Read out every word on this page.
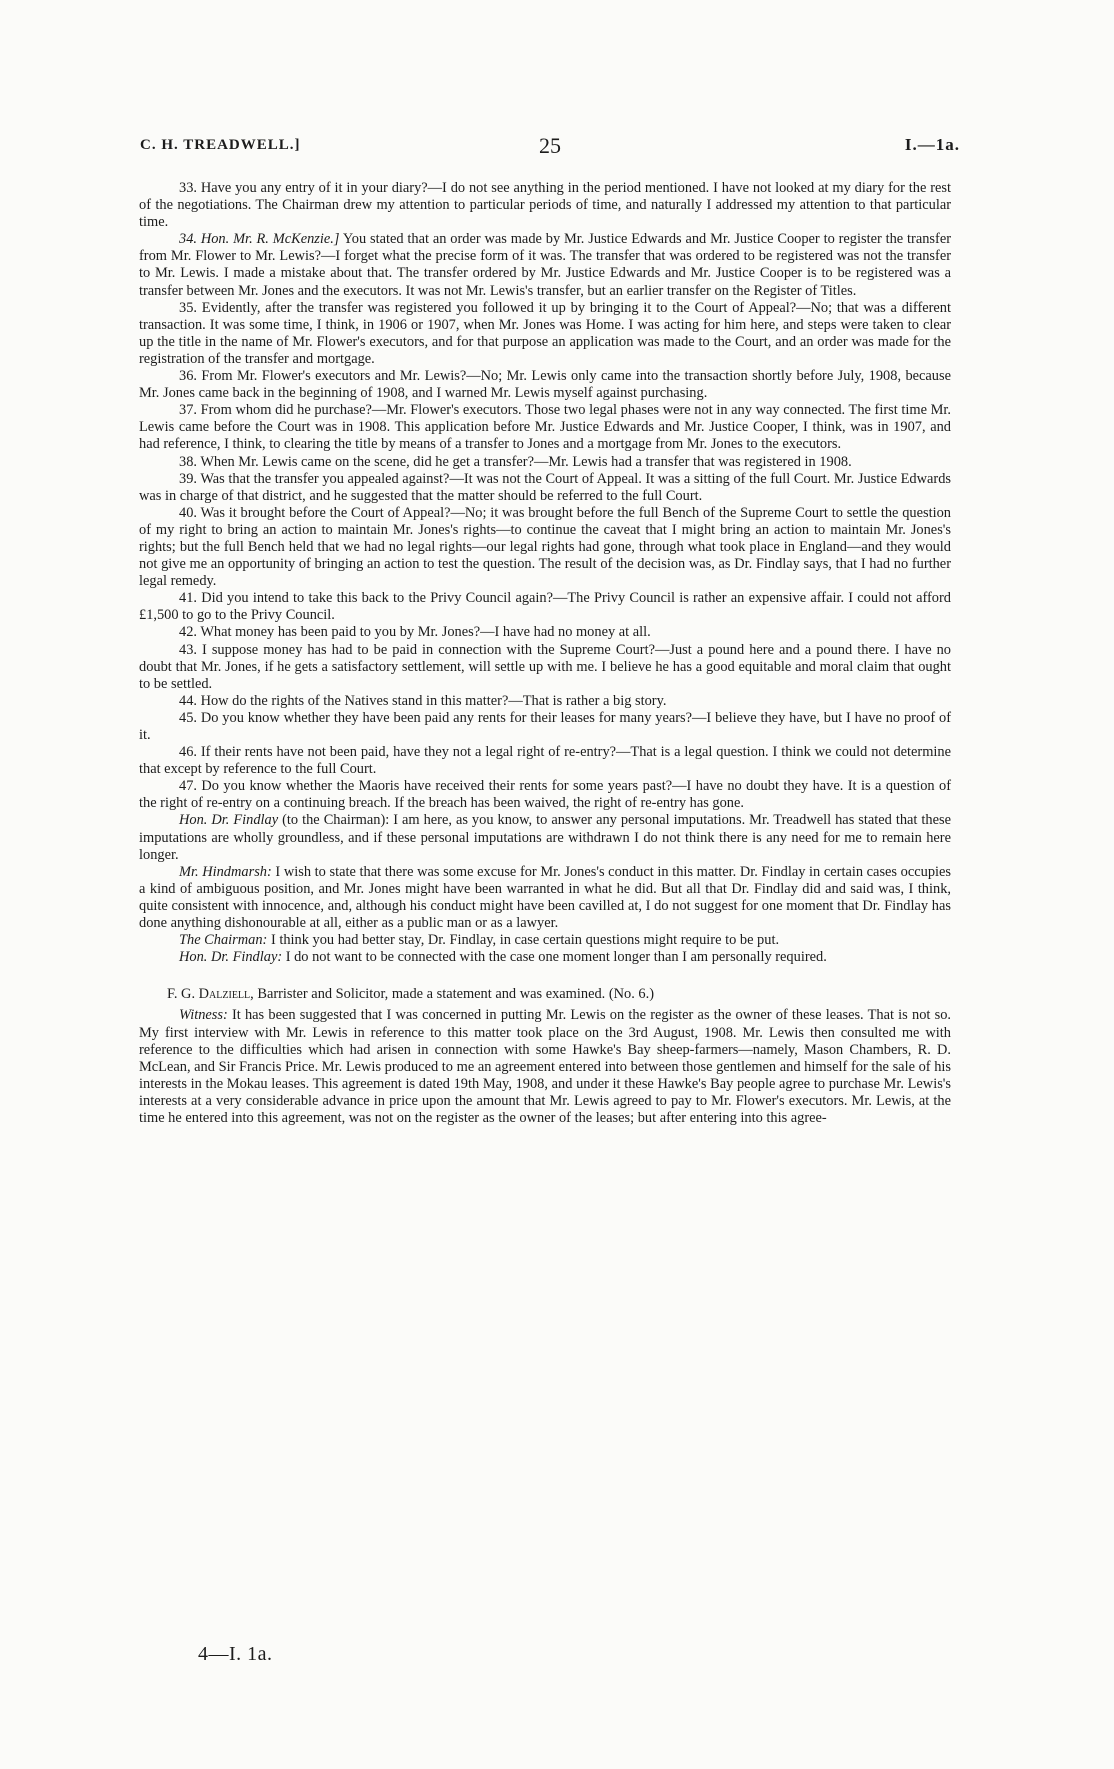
C. H. TREADWELL.]	25	I.—1a.

33. Have you any entry of it in your diary?—I do not see anything in the period mentioned. I have not looked at my diary for the rest of the negotiations. The Chairman drew my attention to particular periods of time, and naturally I addressed my attention to that particular time.

34. Hon. Mr. R. McKenzie.] You stated that an order was made by Mr. Justice Edwards and Mr. Justice Cooper to register the transfer from Mr. Flower to Mr. Lewis?—I forget what the precise form of it was. The transfer that was ordered to be registered was not the transfer to Mr. Lewis. I made a mistake about that. The transfer ordered by Mr. Justice Edwards and Mr. Justice Cooper is to be registered was a transfer between Mr. Jones and the executors. It was not Mr. Lewis's transfer, but an earlier transfer on the Register of Titles.

35. Evidently, after the transfer was registered you followed it up by bringing it to the Court of Appeal?—No; that was a different transaction. It was some time, I think, in 1906 or 1907, when Mr. Jones was Home. I was acting for him here, and steps were taken to clear up the title in the name of Mr. Flower's executors, and for that purpose an application was made to the Court, and an order was made for the registration of the transfer and mortgage.

36. From Mr. Flower's executors and Mr. Lewis?—No; Mr. Lewis only came into the transaction shortly before July, 1908, because Mr. Jones came back in the beginning of 1908, and I warned Mr. Lewis myself against purchasing.

37. From whom did he purchase?—Mr. Flower's executors. Those two legal phases were not in any way connected. The first time Mr. Lewis came before the Court was in 1908. This application before Mr. Justice Edwards and Mr. Justice Cooper, I think, was in 1907, and had reference, I think, to clearing the title by means of a transfer to Jones and a mortgage from Mr. Jones to the executors.

38. When Mr. Lewis came on the scene, did he get a transfer?—Mr. Lewis had a transfer that was registered in 1908.

39. Was that the transfer you appealed against?—It was not the Court of Appeal. It was a sitting of the full Court. Mr. Justice Edwards was in charge of that district, and he suggested that the matter should be referred to the full Court.

40. Was it brought before the Court of Appeal?—No; it was brought before the full Bench of the Supreme Court to settle the question of my right to bring an action to maintain Mr. Jones's rights—to continue the caveat that I might bring an action to maintain Mr. Jones's rights; but the full Bench held that we had no legal rights—our legal rights had gone, through what took place in England—and they would not give me an opportunity of bringing an action to test the question. The result of the decision was, as Dr. Findlay says, that I had no further legal remedy.

41. Did you intend to take this back to the Privy Council again?—The Privy Council is rather an expensive affair. I could not afford £1,500 to go to the Privy Council.

42. What money has been paid to you by Mr. Jones?—I have had no money at all.

43. I suppose money has had to be paid in connection with the Supreme Court?—Just a pound here and a pound there. I have no doubt that Mr. Jones, if he gets a satisfactory settlement, will settle up with me. I believe he has a good equitable and moral claim that ought to be settled.

44. How do the rights of the Natives stand in this matter?—That is rather a big story.

45. Do you know whether they have been paid any rents for their leases for many years?—I believe they have, but I have no proof of it.

46. If their rents have not been paid, have they not a legal right of re-entry?—That is a legal question. I think we could not determine that except by reference to the full Court.

47. Do you know whether the Maoris have received their rents for some years past?—I have no doubt they have. It is a question of the right of re-entry on a continuing breach. If the breach has been waived, the right of re-entry has gone.

Hon. Dr. Findlay (to the Chairman): I am here, as you know, to answer any personal imputations. Mr. Treadwell has stated that these imputations are wholly groundless, and if these personal imputations are withdrawn I do not think there is any need for me to remain here longer.

Mr. Hindmarsh: I wish to state that there was some excuse for Mr. Jones's conduct in this matter. Dr. Findlay in certain cases occupies a kind of ambiguous position, and Mr. Jones might have been warranted in what he did. But all that Dr. Findlay did and said was, I think, quite consistent with innocence, and, although his conduct might have been cavilled at, I do not suggest for one moment that Dr. Findlay has done anything dishonourable at all, either as a public man or as a lawyer.

The Chairman: I think you had better stay, Dr. Findlay, in case certain questions might require to be put.

Hon. Dr. Findlay: I do not want to be connected with the case one moment longer than I am personally required.

F. G. Dalziell, Barrister and Solicitor, made a statement and was examined. (No. 6.)

Witness: It has been suggested that I was concerned in putting Mr. Lewis on the register as the owner of these leases. That is not so. My first interview with Mr. Lewis in reference to this matter took place on the 3rd August, 1908. Mr. Lewis then consulted me with reference to the difficulties which had arisen in connection with some Hawke's Bay sheep-farmers—namely, Mason Chambers, R. D. McLean, and Sir Francis Price. Mr. Lewis produced to me an agreement entered into between those gentlemen and himself for the sale of his interests in the Mokau leases. This agreement is dated 19th May, 1908, and under it these Hawke's Bay people agree to purchase Mr. Lewis's interests at a very considerable advance in price upon the amount that Mr. Lewis agreed to pay to Mr. Flower's executors. Mr. Lewis, at the time he entered into this agreement, was not on the register as the owner of the leases; but after entering into this agree-

4—I. 1a.
